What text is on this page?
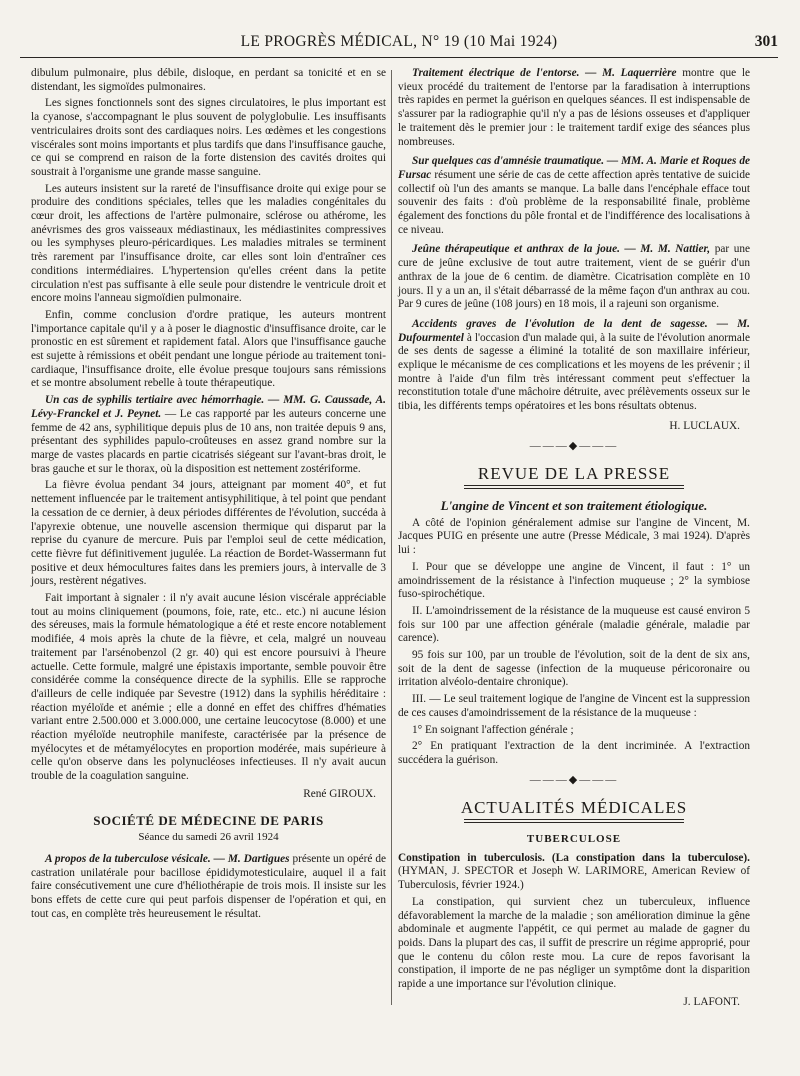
LE PROGRÈS MÉDICAL, N° 19 (10 Mai 1924)	301

dibulum pulmonaire, plus débile, disloque, en perdant sa tonicité et en se distendant, les sigmoïdes pulmonaires.

Les signes fonctionnels sont des signes circulatoires, le plus important est la cyanose, s'accompagnant le plus souvent de polyglobulie. Les insuffisants ventriculaires droits sont des cardiaques noirs. Les œdèmes et les congestions viscérales sont moins importants et plus tardifs que dans l'insuffisance gauche, ce qui se comprend en raison de la forte distension des cavités droites qui soustrait à l'organisme une grande masse sanguine.

Les auteurs insistent sur la rareté de l'insuffisance droite qui exige pour se produire des conditions spéciales, telles que les maladies congénitales du cœur droit, les affections de l'artère pulmonaire, sclérose ou athérome, les anévrismes des gros vaisseaux médiastinaux, les médiastinites compressives ou les symphyses pleuro-péricardiques. Les maladies mitrales se terminent très rarement par l'insuffisance droite, car elles sont loin d'entraîner ces conditions intermédiaires. L'hypertension qu'elles créent dans la petite circulation n'est pas suffisante à elle seule pour distendre le ventricule droit et encore moins l'anneau sigmoïdien pulmonaire.

Enfin, comme conclusion d'ordre pratique, les auteurs montrent l'importance capitale qu'il y a à poser le diagnostic d'insuffisance droite, car le pronostic en est sûrement et rapidement fatal. Alors que l'insuffisance gauche est sujette à rémissions et obéit pendant une longue période au traitement toni-cardiaque, l'insuffisance droite, elle évolue presque toujours sans rémissions et se montre absolument rebelle à toute thérapeutique.

Un cas de syphilis tertiaire avec hémorrhagie. — MM. G. Caussade, A. Lévy-Franckel et J. Peynet. — Le cas rapporté par les auteurs concerne une femme de 42 ans, syphilitique depuis plus de 10 ans, non traitée depuis 9 ans, présentant des syphilides papulo-croûteuses en assez grand nombre sur la marge de vastes placards en partie cicatrisés siégeant sur l'avant-bras droit, le bras gauche et sur le thorax, où la disposition est nettement zostériforme.

La fièvre évolua pendant 34 jours, atteignant par moment 40°, et fut nettement influencée par le traitement antisyphilitique, à tel point que pendant la cessation de ce dernier, à deux périodes différentes de l'évolution, succéda à l'apyrexie obtenue, une nouvelle ascension thermique qui disparut par la reprise du cyanure de mercure. Puis par l'emploi seul de cette médication, cette fièvre fut définitivement jugulée. La réaction de Bordet-Wassermann fut positive et deux hémocultures faites dans les premiers jours, à intervalle de 3 jours, restèrent négatives.

Fait important à signaler : il n'y avait aucune lésion viscérale appréciable tout au moins cliniquement (poumons, foie, rate, etc.. etc.) ni aucune lésion des séreuses, mais la formule hématologique a été et reste encore notablement modifiée, 4 mois après la chute de la fièvre, et cela, malgré un nouveau traitement par l'arsénobenzol (2 gr. 40) qui est encore poursuivi à l'heure actuelle. Cette formule, malgré une épistaxis importante, semble pouvoir être considérée comme la conséquence directe de la syphilis. Elle se rapproche d'ailleurs de celle indiquée par Sevestre (1912) dans la syphilis héréditaire : réaction myéloïde et anémie ; elle a donné en effet des chiffres d'hématies variant entre 2.500.000 et 3.000.000, une certaine leucocytose (8.000) et une réaction myéloïde neutrophile manifeste, caractérisée par la présence de myélocytes et de métamyélocytes en proportion modérée, mais supérieure à celle qu'on observe dans les polynucléoses infectieuses. Il n'y avait aucun trouble de la coagulation sanguine.

René GIROUX.
SOCIÉTÉ DE MÉDECINE DE PARIS
Séance du samedi 26 avril 1924

A propos de la tuberculose vésicale. — M. Dartigues présente un opéré de castration unilatérale pour bacillose épididymotesticulaire, auquel il a fait faire consécutivement une cure d'héliothérapie de trois mois. Il insiste sur les bons effets de cette cure qui peut parfois dispenser de l'opération et qui, en tout cas, en complète très heureusement le résultat.

Traitement électrique de l'entorse. — M. Laquerrière montre que le vieux procédé du traitement de l'entorse par la faradisation à interruptions très rapides en permet la guérison en quelques séances. Il est indispensable de s'assurer par la radiographie qu'il n'y a pas de lésions osseuses et d'appliquer le traitement dès le premier jour : le traitement tardif exige des séances plus nombreuses.

Sur quelques cas d'amnésie traumatique. — MM. A. Marie et Roques de Fursac résument une série de cas de cette affection après tentative de suicide collectif où l'un des amants se manque. La balle dans l'encéphale efface tout souvenir des faits : d'où problème de la responsabilité finale, problème également des fonctions du pôle frontal et de l'indifférence des localisations à ce niveau.

Jeûne thérapeutique et anthrax de la joue. — M. M. Nattier, par une cure de jeûne exclusive de tout autre traitement, vient de se guérir d'un anthrax de la joue de 6 centim. de diamètre. Cicatrisation complète en 10 jours. Il y a un an, il s'était débarrassé de la même façon d'un anthrax au cou. Par 9 cures de jeûne (108 jours) en 18 mois, il a rajeuni son organisme.

Accidents graves de l'évolution de la dent de sagesse. — M. Dufourmentel à l'occasion d'un malade qui, à la suite de l'évolution anormale de ses dents de sagesse a éliminé la totalité de son maxillaire inférieur, explique le mécanisme de ces complications et les moyens de les prévenir ; il montre à l'aide d'un film très intéressant comment peut s'effectuer la reconstitution totale d'une mâchoire détruite, avec prélèvements osseux sur le tibia, les différents temps opératoires et les bons résultats obtenus.

H. LUCLAUX.
―――◆―――
REVUE DE LA PRESSE
L'angine de Vincent et son traitement étiologique.

A côté de l'opinion généralement admise sur l'angine de Vincent, M. Jacques PUIG en présente une autre (Presse Médicale, 3 mai 1924). D'après lui :

I. Pour que se développe une angine de Vincent, il faut : 1° un amoindrissement de la résistance à l'infection muqueuse ; 2° la symbiose fuso-spirochétique.

II. L'amoindrissement de la résistance de la muqueuse est causé environ 5 fois sur 100 par une affection générale (maladie générale, maladie par carence).

95 fois sur 100, par un trouble de l'évolution, soit de la dent de six ans, soit de la dent de sagesse (infection de la muqueuse péricoronaire ou irritation alvéolo-dentaire chronique).

III. — Le seul traitement logique de l'angine de Vincent est la suppression de ces causes d'amoindrissement de la résistance de la muqueuse :

1° En soignant l'affection générale ;

2° En pratiquant l'extraction de la dent incriminée. A l'extraction succédera la guérison.

―――◆―――
ACTUALITÉS MÉDICALES
TUBERCULOSE

Constipation in tuberculosis. (La constipation dans la tuberculose). (HYMAN, J. SPECTOR et Joseph W. LARIMORE, American Review of Tuberculosis, février 1924.)

La constipation, qui survient chez un tuberculeux, influence défavorablement la marche de la maladie ; son amélioration diminue la gêne abdominale et augmente l'appétit, ce qui permet au malade de gagner du poids. Dans la plupart des cas, il suffit de prescrire un régime approprié, pour que le contenu du côlon reste mou. La cure de repos favorisant la constipation, il importe de ne pas négliger un symptôme dont la disparition rapide a une importance sur l'évolution clinique.

J. LAFONT.
